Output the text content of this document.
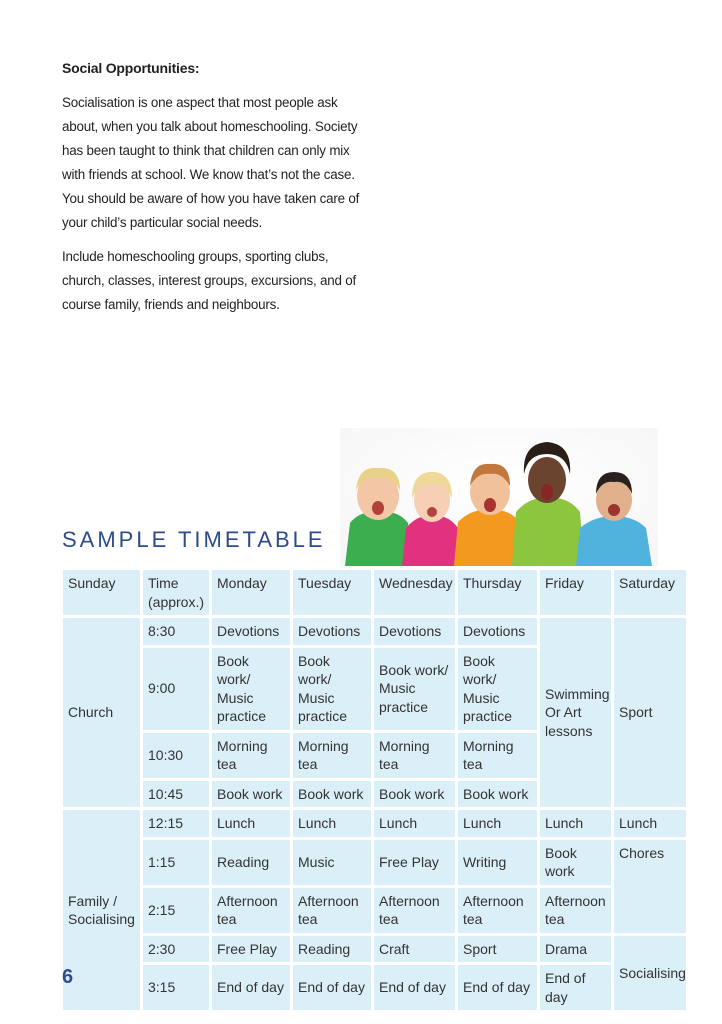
Social Opportunities:

Socialisation is one aspect that most people ask about, when you talk about homeschooling. Society has been taught to think that children can only mix with friends at school. We know that’s not the case. You should be aware of how you have taken care of your child’s particular social needs.

Include homeschooling groups, sporting clubs, church, classes, interest groups, excursions, and of course family, friends and neighbours.

SAMPLE TIMETABLE
Sunday	Time (approx.)	Monday	Tuesday	Wednesday	Thursday	Friday	Saturday
Church	8:30	Devotions	Devotions	Devotions	Devotions	Swimming Or Art lessons	Sport
	9:00	Book work/ Music practice	Book work/ Music practice	Book work/ Music practice	Book work/ Music practice		
	10:30	Morning tea	Morning tea	Morning tea	Morning tea		
	10:45	Book work	Book work	Book work	Book work		
Family / Socialising	12:15	Lunch	Lunch	Lunch	Lunch	Lunch	Lunch
	1:15	Reading	Music	Free Play	Writing	Book work	Chores
	2:15	Afternoon tea	Afternoon tea	Afternoon tea	Afternoon tea	Afternoon tea	
	2:30	Free Play	Reading	Craft	Sport	Drama	Socialising
	3:15	End of day	End of day	End of day	End of day	End of day	
6
